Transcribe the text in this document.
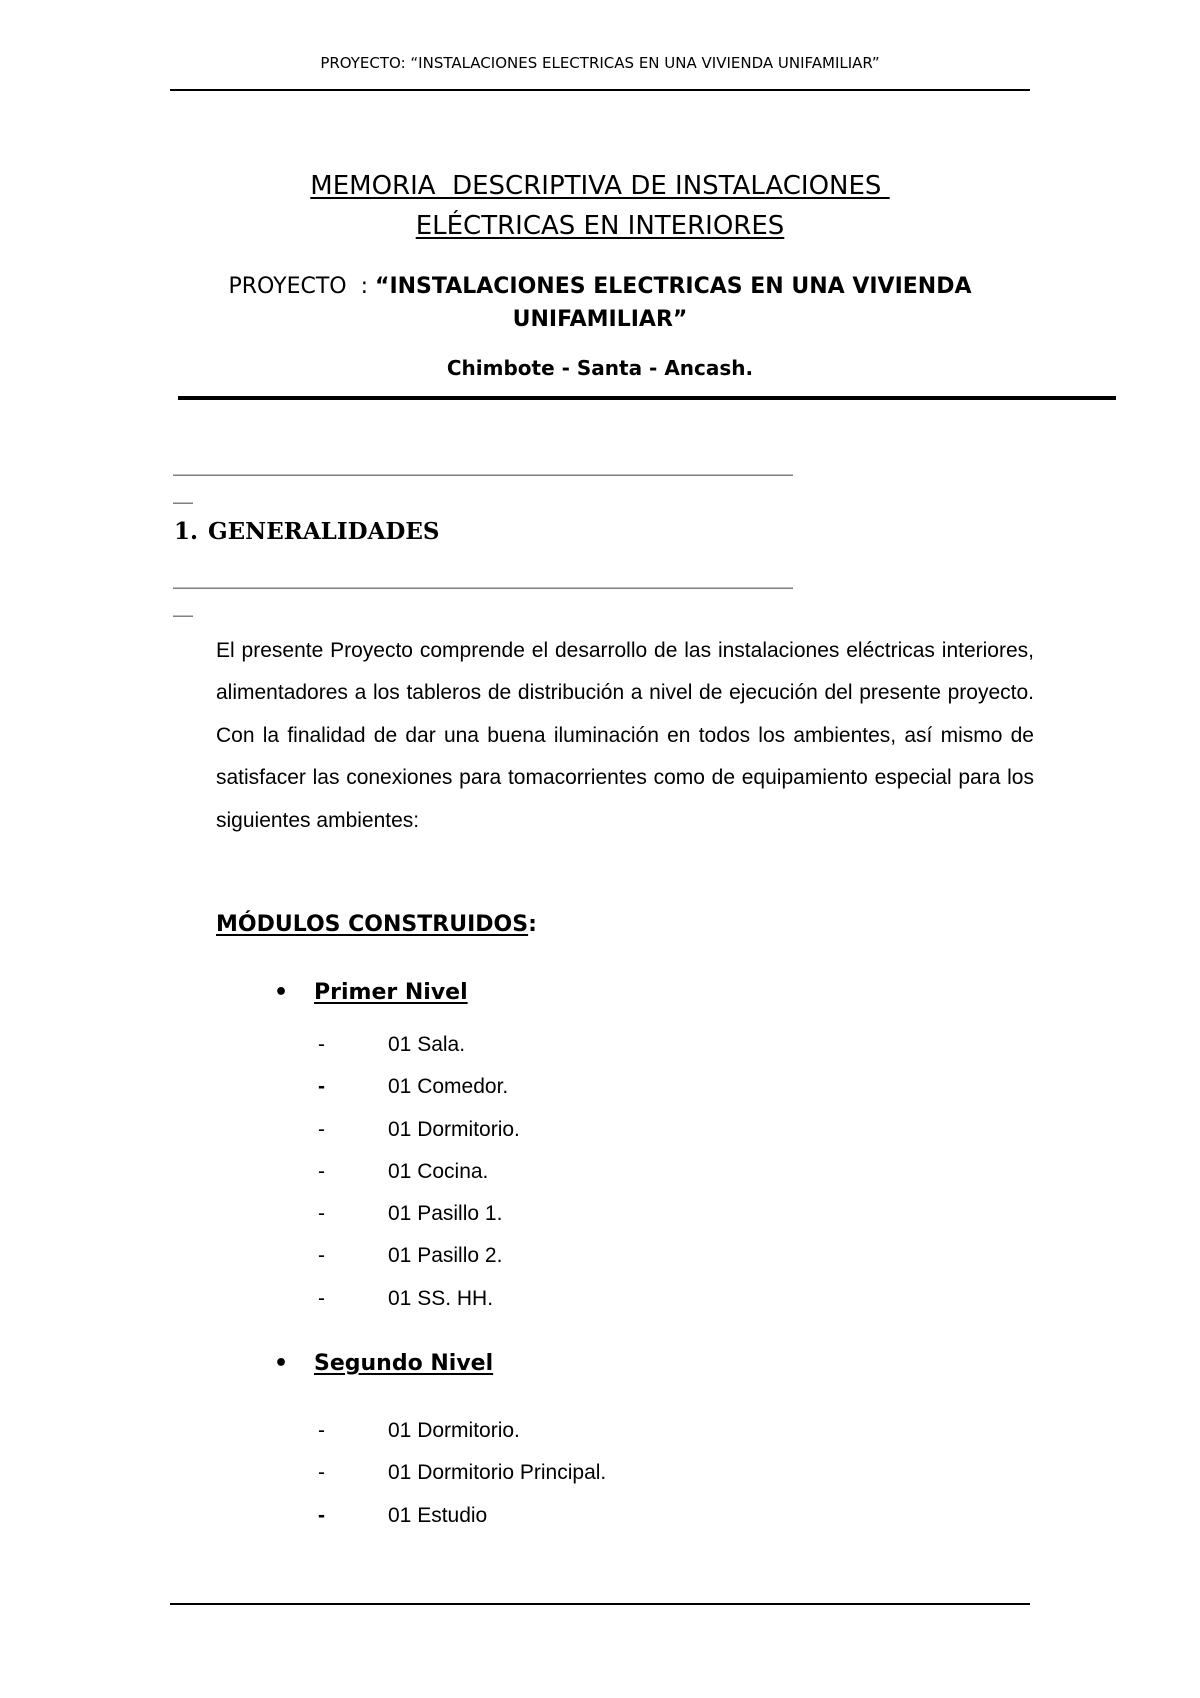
PROYECTO: “INSTALACIONES ELECTRICAS EN UNA VIVIENDA UNIFAMILIAR”
MEMORIA  DESCRIPTIVA DE INSTALACIONES
ELÉCTRICAS EN INTERIORES
PROYECTO  : “INSTALACIONES ELECTRICAS EN UNA VIVIENDA UNIFAMILIAR”
Chimbote - Santa - Ancash.
______________________________________________________________
__
1. GENERALIDADES
______________________________________________________________
__
El presente Proyecto comprende el desarrollo de las instalaciones eléctricas interiores, alimentadores a los tableros de distribución a nivel de ejecución del presente proyecto. Con la finalidad de dar una buena iluminación en todos los ambientes, así mismo de satisfacer las conexiones para tomacorrientes como de equipamiento especial para los siguientes ambientes:
MÓDULOS CONSTRUIDOS:
• Primer Nivel
-	01 Sala.
-	01 Comedor.
-	01 Dormitorio.
-	01 Cocina.
-	01 Pasillo 1.
-	01 Pasillo 2.
-	01 SS. HH.
• Segundo Nivel
-	01 Dormitorio.
-	01 Dormitorio Principal.
-	01 Estudio
